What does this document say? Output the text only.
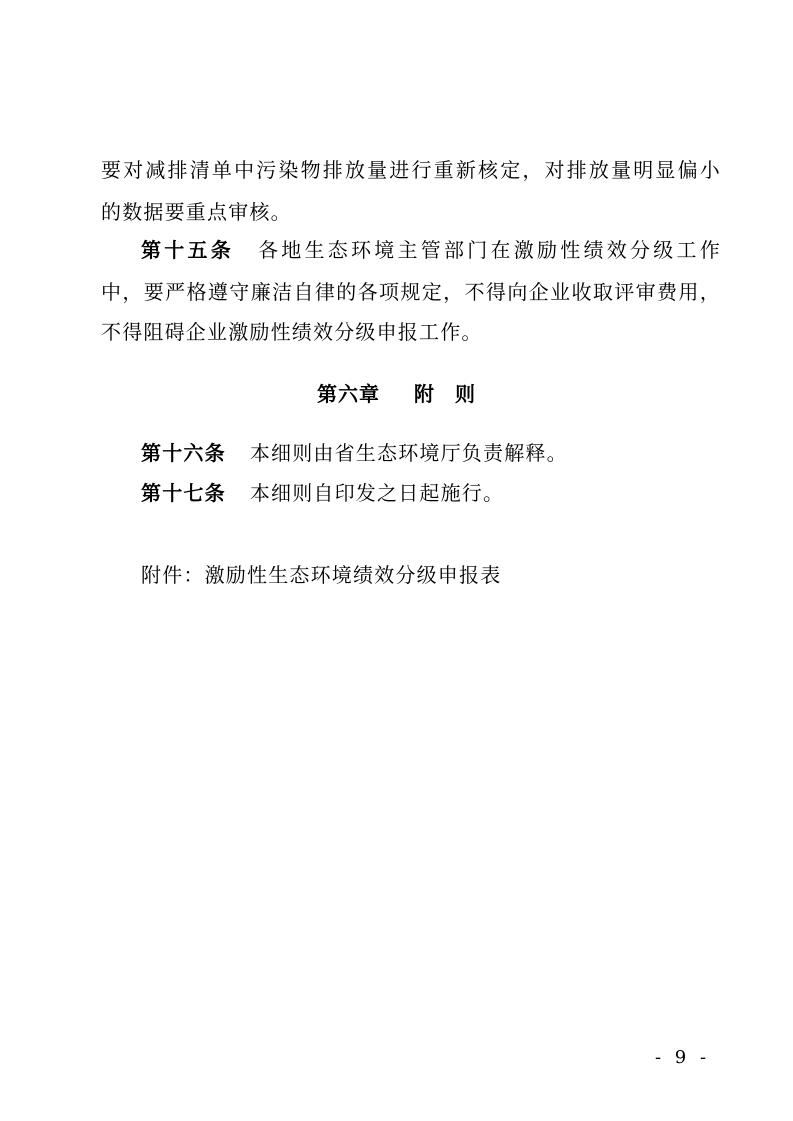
要对减排清单中污染物排放量进行重新核定，对排放量明显偏小
的数据要重点审核。
第十五条 各地生态环境主管部门在激励性绩效分级工作
中，要严格遵守廉洁自律的各项规定，不得向企业收取评审费用，
不得阻碍企业激励性绩效分级申报工作。
第六章 附 则
第十六条 本细则由省生态环境厅负责解释。
第十七条 本细则自印发之日起施行。
附件：激励性生态环境绩效分级申报表
- 9 -
